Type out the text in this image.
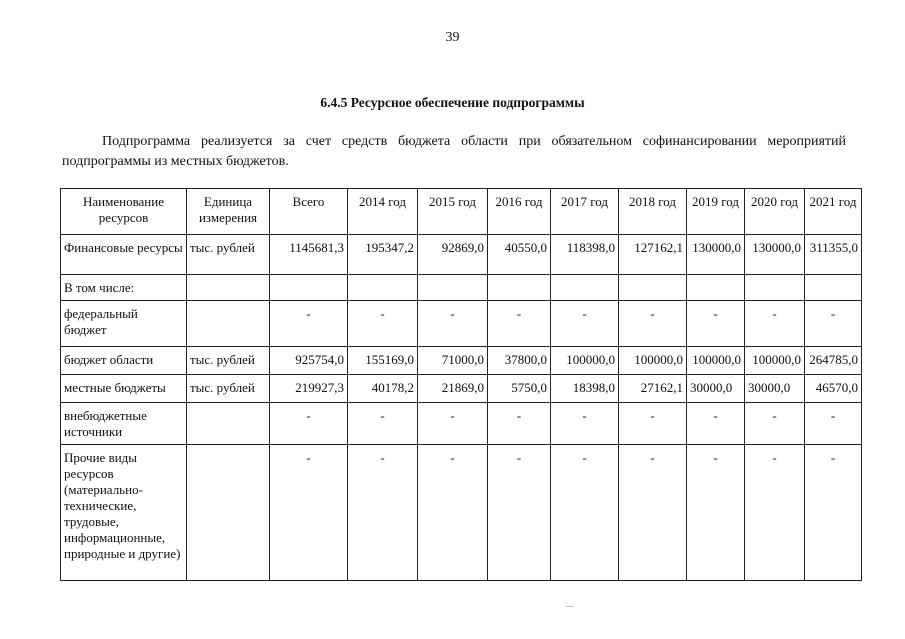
39
6.4.5 Ресурсное обеспечение подпрограммы

Подпрограмма реализуется за счет средств бюджета области при обязательном софинансировании мероприятий подпрограммы из местных бюджетов.

Наименование ресурсов	Единица измерения	Всего	2014 год	2015 год	2016 год	2017 год	2018 год	2019 год	2020 год	2021 год
Финансовые ресурсы	тыс. рублей	1145681,3	195347,2	92869,0	40550,0	118398,0	127162,1	130000,0	130000,0	311355,0
В том числе:										
федеральный бюджет		-	-	-	-	-	-	-	-	-
бюджет области	тыс. рублей	925754,0	155169,0	71000,0	37800,0	100000,0	100000,0	100000,0	100000,0	264785,0
местные бюджеты	тыс. рублей	219927,3	40178,2	21869,0	5750,0	18398,0	27162,1	30000,0	30000,0	46570,0
внебюджетные источники		-	-	-	-	-	-	-	-	-
Прочие виды ресурсов (материально-технические, трудовые, информационные, природные и другие)		-	-	-	-	-	-	-	-	-
